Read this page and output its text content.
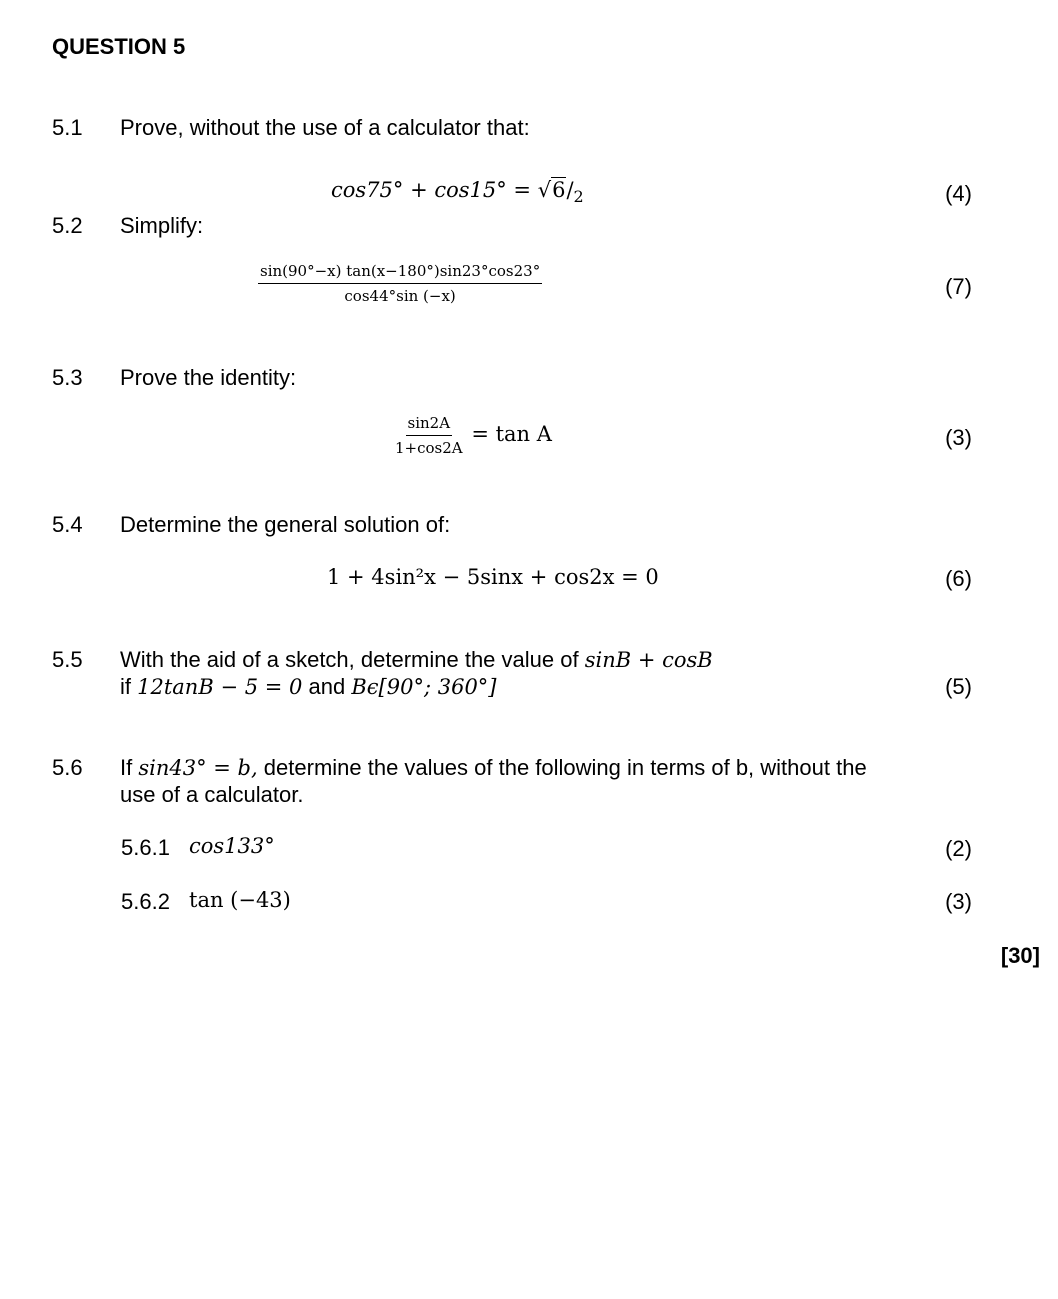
QUESTION 5
5.1 Prove, without the use of a calculator that:
$\cos 75^\circ + \cos 15^\circ = √6/_2$	(4)
5.2 Simplify:
$\frac{\sin(90^\circ-x) \tan(x-180^\circ)\sin 23^\circ\cos 23^\circ}{\cos 44^\circ\sin (-x)}$	(7)
5.3 Prove the identity:
$\frac{\sin 2A}{1+\cos 2A} = \tan A$	(3)
5.4 Determine the general solution of:
1 + 4sin²x − 5sinx + cos2x = 0	(6)
5.5 With the aid of a sketch, determine the value of sinB + cosB
if 12tanB − 5 = 0 and Bϵ[90°; 360°]	(5)
5.6 If sin43° = b, determine the values of the following in terms of b, without the
use of a calculator.
5.6.1 cos133°	(2)
5.6.2 tan (−43)	(3)
[30]
